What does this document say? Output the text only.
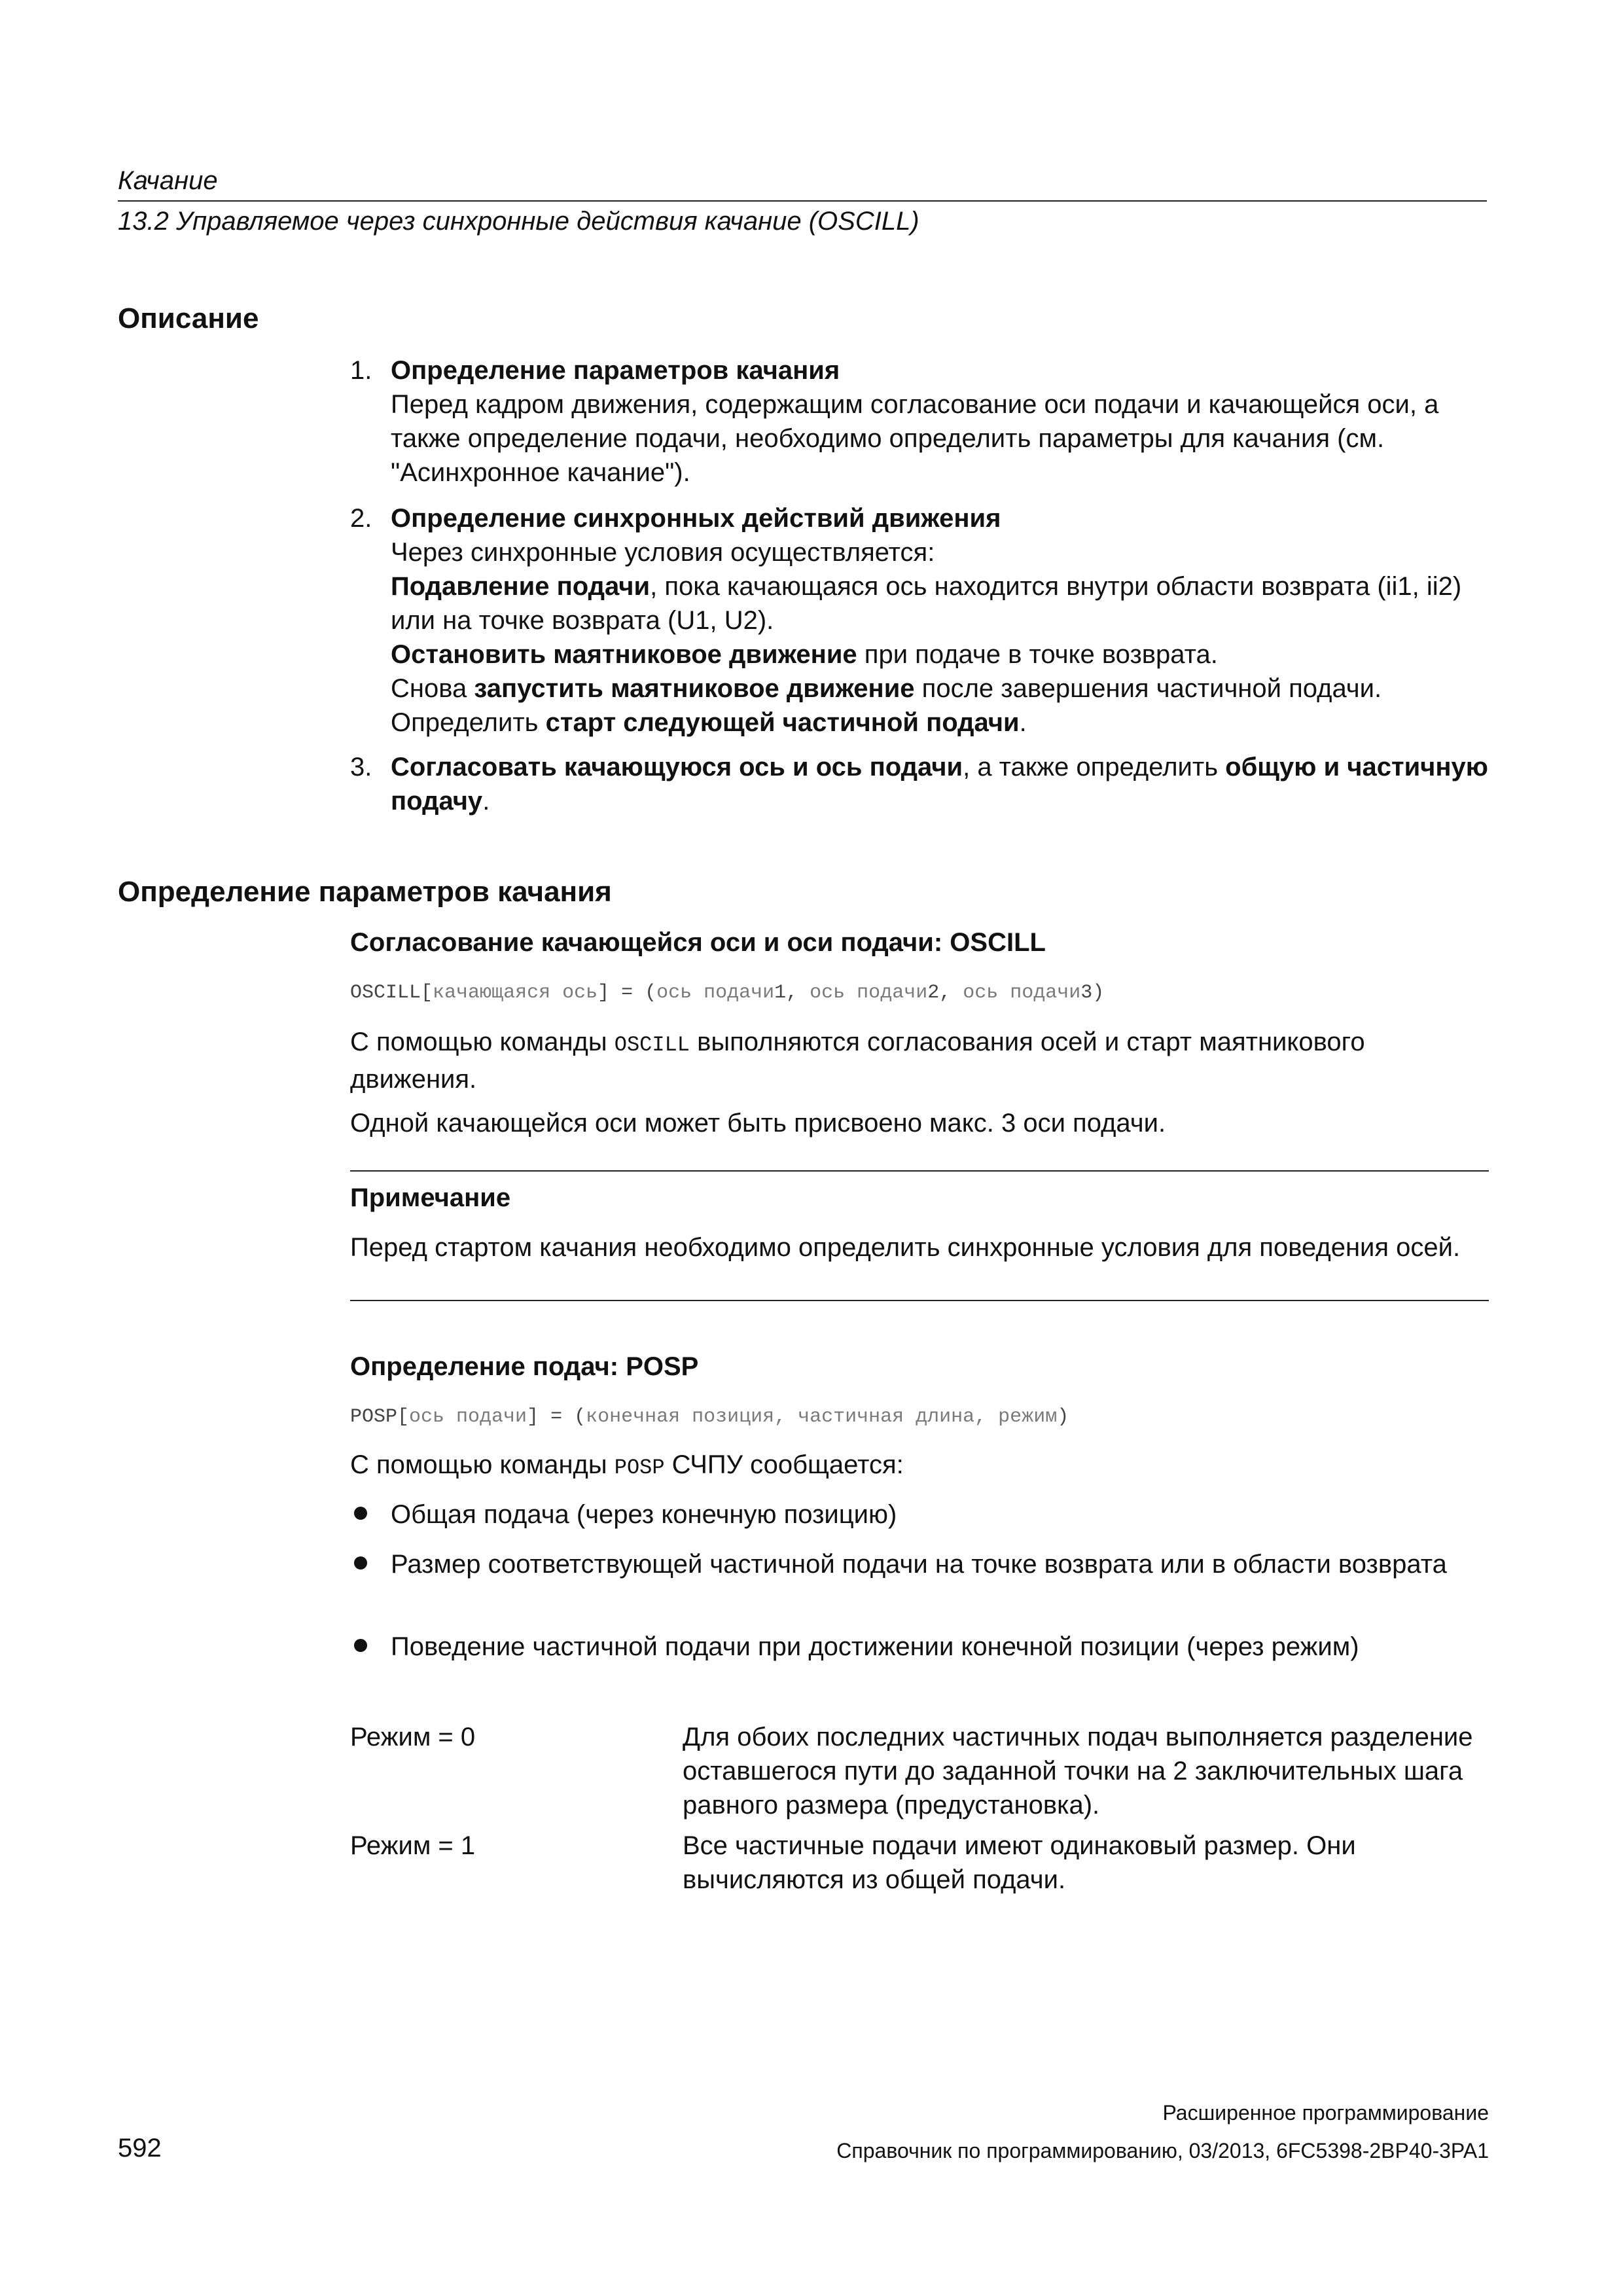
Качание
13.2 Управляемое через синхронные действия качание (OSCILL)
Описание
1. Определение параметров качания
Перед кадром движения, содержащим согласование оси подачи и качающейся оси, а также определение подачи, необходимо определить параметры для качания (см. "Асинхронное качание").
2. Определение синхронных действий движения
Через синхронные условия осуществляется:
Подавление подачи, пока качающаяся ось находится внутри области возврата (ii1, ii2) или на точке возврата (U1, U2).
Остановить маятниковое движение при подаче в точке возврата.
Снова запустить маятниковое движение после завершения частичной подачи.
Определить старт следующей частичной подачи.
3. Согласовать качающуюся ось и ось подачи, а также определить общую и частичную подачу.
Определение параметров качания
Согласование качающейся оси и оси подачи: OSCILL
OSCILL[качающаяся ось] = (ось подачи1, ось подачи2, ось подачи3)
С помощью команды OSCILL выполняются согласования осей и старт маятникового движения.
Одной качающейся оси может быть присвоено макс. 3 оси подачи.
Примечание
Перед стартом качания необходимо определить синхронные условия для поведения осей.
Определение подач: POSP
POSP[ось подачи] = (конечная позиция, частичная длина, режим)
С помощью команды POSP СЧПУ сообщается:
Общая подача (через конечную позицию)
Размер соответствующей частичной подачи на точке возврата или в области возврата
Поведение частичной подачи при достижении конечной позиции (через режим)
Режим = 0	Для обоих последних частичных подач выполняется разделение оставшегося пути до заданной точки на 2 заключительных шага равного размера (предустановка).
Режим = 1	Все частичные подачи имеют одинаковый размер. Они вычисляются из общей подачи.
Расширенное программирование
592	Справочник по программированию, 03/2013, 6FC5398-2BP40-3PA1
